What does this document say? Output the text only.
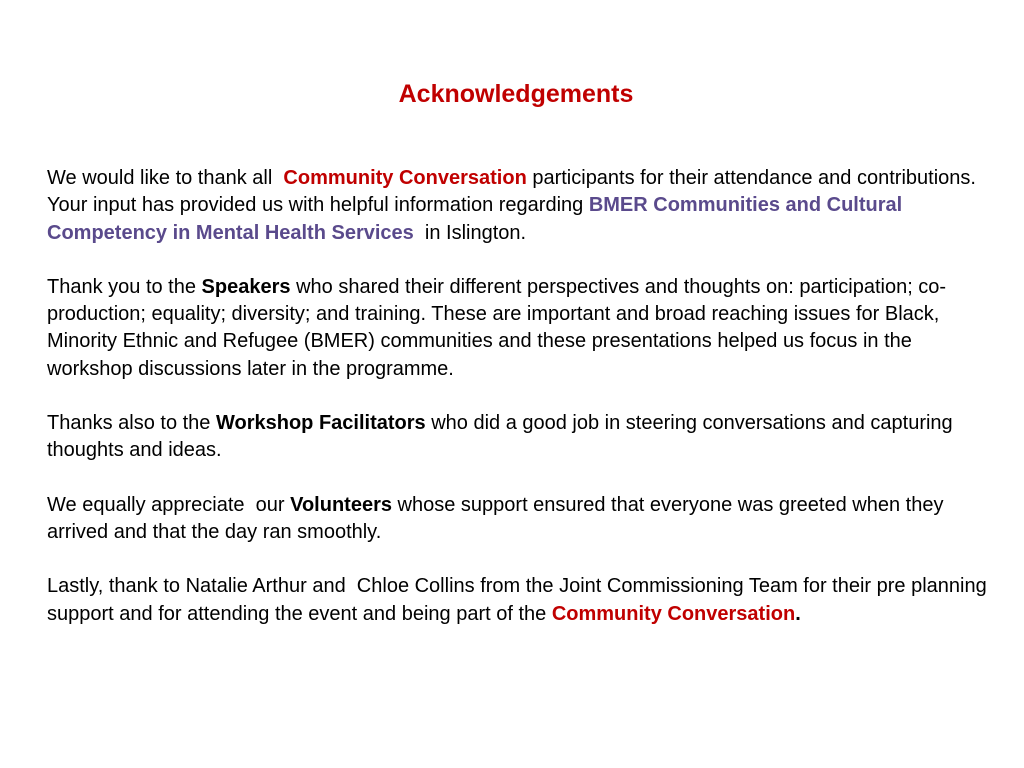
Acknowledgements

We would like to thank all  Community Conversation participants for their attendance and contributions. Your input has provided us with helpful information regarding BMER Communities and Cultural Competency in Mental Health Services  in Islington.

Thank you to the Speakers who shared their different perspectives and thoughts on: participation; co-production; equality; diversity; and training. These are important and broad reaching issues for Black, Minority Ethnic and Refugee (BMER) communities and these presentations helped us focus in the workshop discussions later in the programme.

Thanks also to the Workshop Facilitators who did a good job in steering conversations and capturing thoughts and ideas.

We equally appreciate  our Volunteers whose support ensured that everyone was greeted when they arrived and that the day ran smoothly.

Lastly, thank to Natalie Arthur and  Chloe Collins from the Joint Commissioning Team for their pre planning support and for attending the event and being part of the Community Conversation.
